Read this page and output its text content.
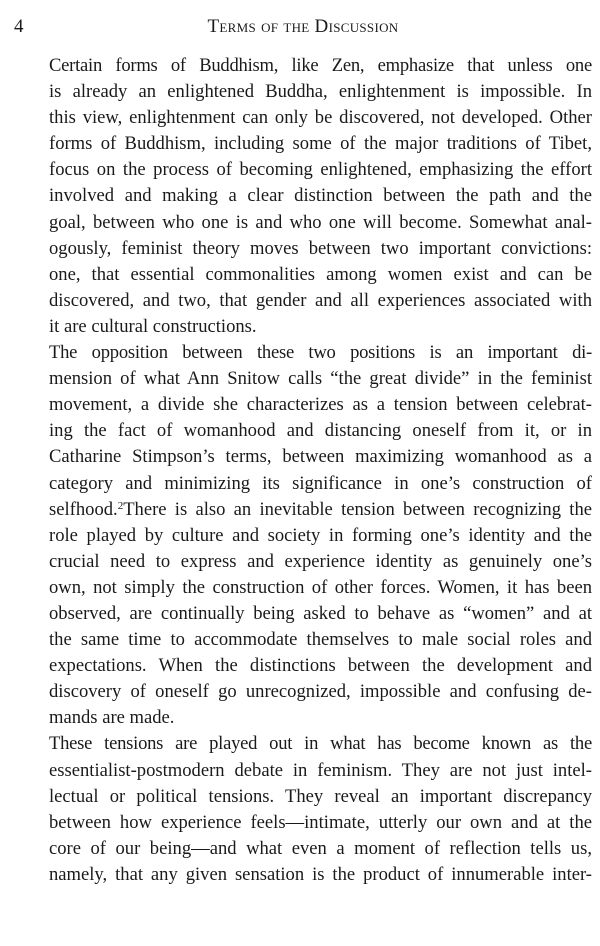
4	Terms of the Discussion

Certain forms of Buddhism, like Zen, emphasize that unless one
is already an enlightened Buddha, enlightenment is impossible. In
this view, enlightenment can only be discovered, not developed. Other
forms of Buddhism, including some of the major traditions of Tibet,
focus on the process of becoming enlightened, emphasizing the effort
involved and making a clear distinction between the path and the
goal, between who one is and who one will become. Somewhat anal-
ogously, feminist theory moves between two important convictions:
one, that essential commonalities among women exist and can be
discovered, and two, that gender and all experiences associated with
it are cultural constructions.

The opposition between these two positions is an important di-
mension of what Ann Snitow calls “the great divide” in the feminist
movement, a divide she characterizes as a tension between celebrat-
ing the fact of womanhood and distancing oneself from it, or in
Catharine Stimpson’s terms, between maximizing womanhood as a
category and minimizing its significance in one’s construction of
selfhood.$^2$There is also an inevitable tension between recognizing the
role played by culture and society in forming one’s identity and the
crucial need to express and experience identity as genuinely one’s
own, not simply the construction of other forces. Women, it has been
observed, are continually being asked to behave as “women” and at
the same time to accommodate themselves to male social roles and
expectations. When the distinctions between the development and
discovery of oneself go unrecognized, impossible and confusing de-
mands are made.

These tensions are played out in what has become known as the
essentialist-postmodern debate in feminism. They are not just intel-
lectual or political tensions. They reveal an important discrepancy
between how experience feels—intimate, utterly our own and at the
core of our being—and what even a moment of reflection tells us,
namely, that any given sensation is the product of innumerable inter-
